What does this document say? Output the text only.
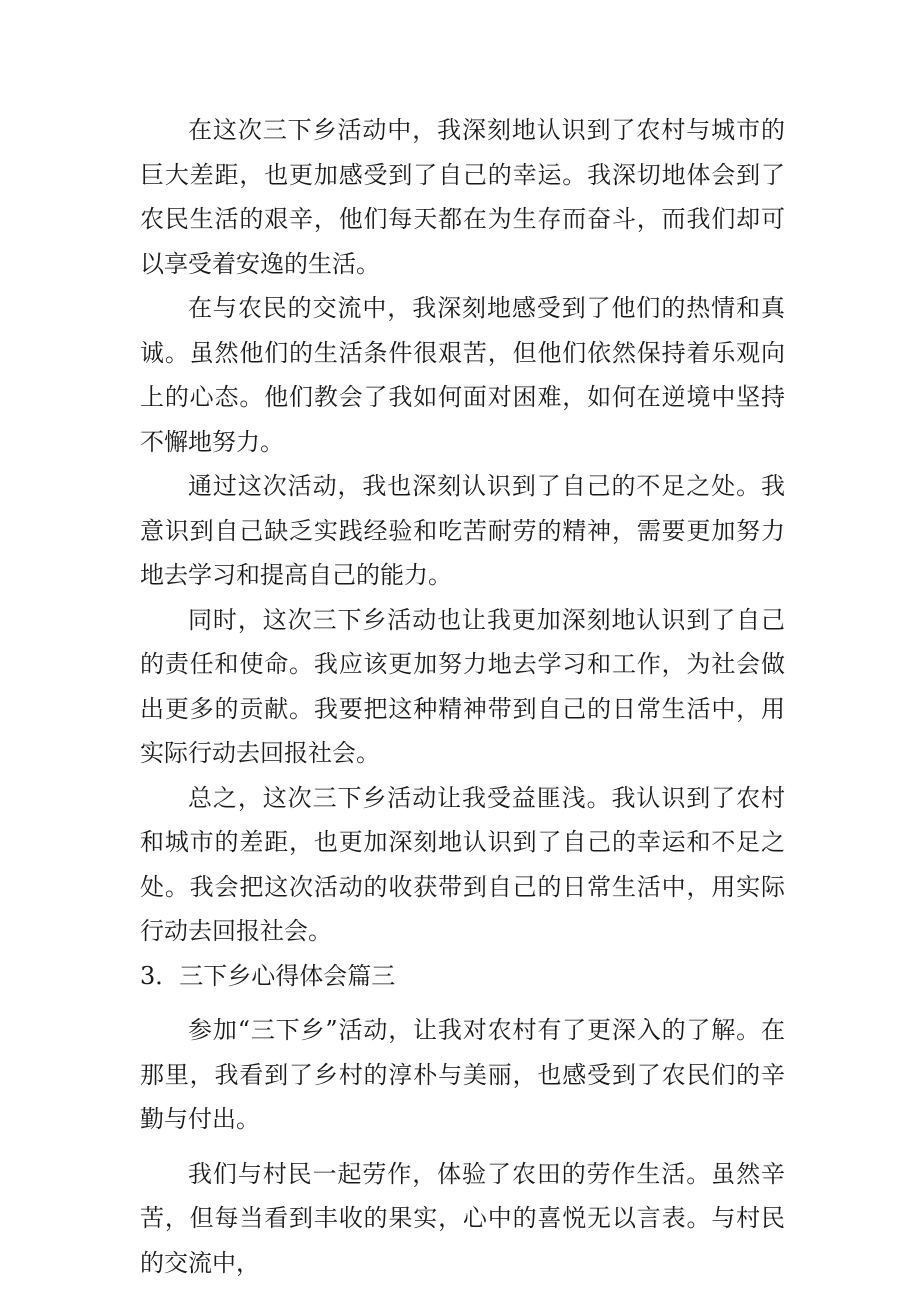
在这次三下乡活动中，我深刻地认识到了农村与城市的巨大差距，也更加感受到了自己的幸运。我深切地体会到了农民生活的艰辛，他们每天都在为生存而奋斗，而我们却可以享受着安逸的生活。

在与农民的交流中，我深刻地感受到了他们的热情和真诚。虽然他们的生活条件很艰苦，但他们依然保持着乐观向上的心态。他们教会了我如何面对困难，如何在逆境中坚持不懈地努力。

通过这次活动，我也深刻认识到了自己的不足之处。我意识到自己缺乏实践经验和吃苦耐劳的精神，需要更加努力地去学习和提高自己的能力。

同时，这次三下乡活动也让我更加深刻地认识到了自己的责任和使命。我应该更加努力地去学习和工作，为社会做出更多的贡献。我要把这种精神带到自己的日常生活中，用实际行动去回报社会。

总之，这次三下乡活动让我受益匪浅。我认识到了农村和城市的差距，也更加深刻地认识到了自己的幸运和不足之处。我会把这次活动的收获带到自己的日常生活中，用实际行动去回报社会。

3．三下乡心得体会篇三

参加“三下乡”活动，让我对农村有了更深入的了解。在那里，我看到了乡村的淳朴与美丽，也感受到了农民们的辛勤与付出。

我们与村民一起劳作，体验了农田的劳作生活。虽然辛苦，但每当看到丰收的果实，心中的喜悦无以言表。与村民的交流中，
